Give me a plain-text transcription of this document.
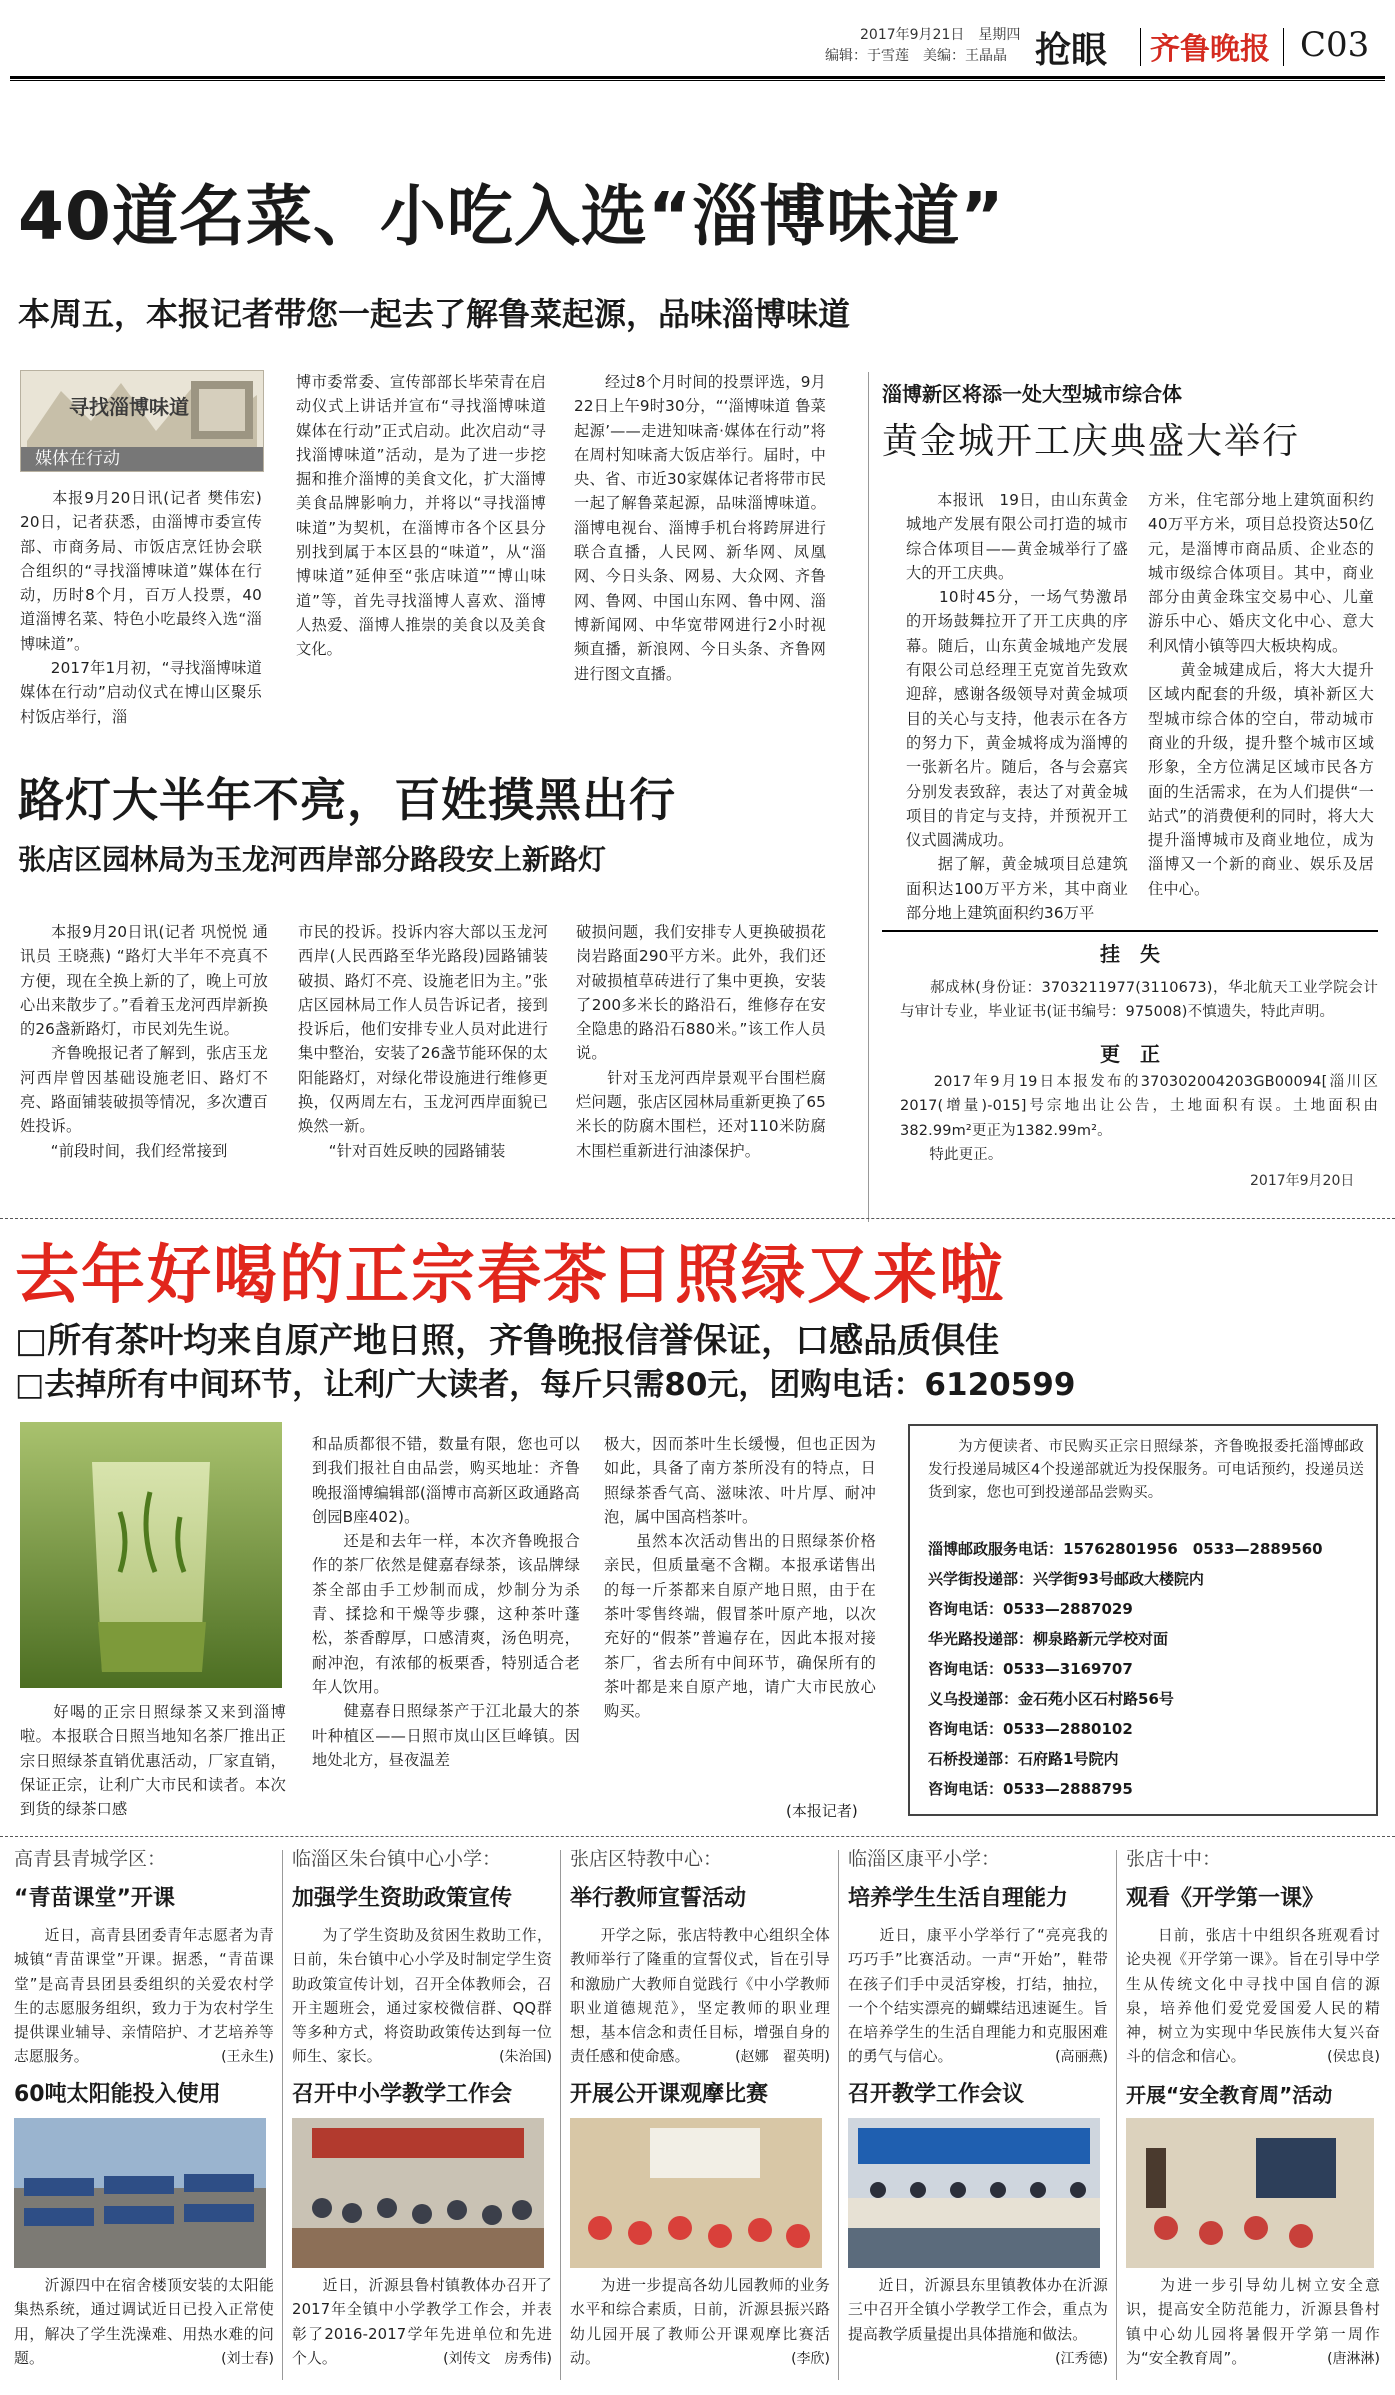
2017年9月21日　星期四
编辑：于雪莲　美编：王晶晶 抢眼 齐鲁晚报 C03
40道名菜、小吃入选“淄博味道”
本周五，本报记者带您一起去了解鲁菜起源，品味淄博味道
寻找淄博味道
媒体在行动
　　本报9月20日讯(记者 樊伟宏) 20日，记者获悉，由淄博市委宣传部、市商务局、市饭店烹饪协会联合组织的“寻找淄博味道”媒体在行动，历时8个月，百万人投票，40道淄博名菜、特色小吃最终入选“淄博味道”。
　　2017年1月初，“寻找淄博味道 媒体在行动”启动仪式在博山区聚乐村饭店举行，淄
博市委常委、宣传部部长毕荣青在启动仪式上讲话并宣布“寻找淄博味道 媒体在行动”正式启动。此次启动“寻找淄博味道”活动，是为了进一步挖掘和推介淄博的美食文化，扩大淄博美食品牌影响力，并将以“寻找淄博味道”为契机，在淄博市各个区县分别找到属于本区县的“味道”，从“淄博味道”延伸至“张店味道”“博山味道”等，首先寻找淄博人喜欢、淄博人热爱、淄博人推崇的美食以及美食文化。
　　经过8个月时间的投票评选，9月22日上午9时30分，“‘淄博味道 鲁菜起源’——走进知味斋·媒体在行动”将在周村知味斋大饭店举行。届时，中央、省、市近30家媒体记者将带市民一起了解鲁菜起源，品味淄博味道。淄博电视台、淄博手机台将跨屏进行联合直播，人民网、新华网、凤凰网、今日头条、网易、大众网、齐鲁网、鲁网、中国山东网、鲁中网、淄博新闻网、中华宽带网进行2小时视频直播，新浪网、今日头条、齐鲁网进行图文直播。
淄博新区将添一处大型城市综合体
黄金城开工庆典盛大举行
　　本报讯　19日，由山东黄金城地产发展有限公司打造的城市综合体项目——黄金城举行了盛大的开工庆典。
　　10时45分，一场气势激昂的开场鼓舞拉开了开工庆典的序幕。随后，山东黄金城地产发展有限公司总经理王克宽首先致欢迎辞，感谢各级领导对黄金城项目的关心与支持，他表示在各方的努力下，黄金城将成为淄博的一张新名片。随后，各与会嘉宾分别发表致辞，表达了对黄金城项目的肯定与支持，并预祝开工仪式圆满成功。
　　据了解，黄金城项目总建筑面积达100万平方米，其中商业部分地上建筑面积约36万平
方米，住宅部分地上建筑面积约40万平方米，项目总投资达50亿元，是淄博市商品质、企业态的城市级综合体项目。其中，商业部分由黄金珠宝交易中心、儿童游乐中心、婚庆文化中心、意大利风情小镇等四大板块构成。
　　黄金城建成后，将大大提升区域内配套的升级，填补新区大型城市综合体的空白，带动城市商业的升级，提升整个城市区域形象，全方位满足区域市民各方面的生活需求，在为人们提供“一站式”的消费便利的同时，将大大提升淄博城市及商业地位，成为淄博又一个新的商业、娱乐及居住中心。
路灯大半年不亮，百姓摸黑出行
张店区园林局为玉龙河西岸部分路段安上新路灯
　　本报9月20日讯(记者 巩悦悦 通讯员 王晓燕) “路灯大半年不亮真不方便，现在全换上新的了，晚上可放心出来散步了。”看着玉龙河西岸新换的26盏新路灯，市民刘先生说。
　　齐鲁晚报记者了解到，张店玉龙河西岸曾因基础设施老旧、路灯不亮、路面铺装破损等情况，多次遭百姓投诉。
　　“前段时间，我们经常接到
市民的投诉。投诉内容大部以玉龙河西岸(人民西路至华光路段)园路铺装破损、路灯不亮、设施老旧为主。”张店区园林局工作人员告诉记者，接到投诉后，他们安排专业人员对此进行集中整治，安装了26盏节能环保的太阳能路灯，对绿化带设施进行维修更换，仅两周左右，玉龙河西岸面貌已焕然一新。
　　“针对百姓反映的园路铺装
破损问题，我们安排专人更换破损花岗岩路面290平方米。此外，我们还对破损植草砖进行了集中更换，安装了200多米长的路沿石，维修存在安全隐患的路沿石880米。”该工作人员说。
　　针对玉龙河西岸景观平台围栏腐烂问题，张店区园林局重新更换了65米长的防腐木围栏，还对110米防腐木围栏重新进行油漆保护。
挂　失
　　郝成林(身份证：370321197​7(3110673)，华北航天工业学院会计与审计专业，毕业证书(证书编号：975008)不慎遗失，特此声明。
更　正
　　2017年9月19日本报发布的370302004203GB00094[淄川区2017(增量)-015]号宗地出让公告，土地面积有误。土地面积由382.99m²更正为1382.99m²。
　　特此更正。
2017年9月20日
去年好喝的正宗春茶日照绿又来啦
□所有茶叶均来自原产地日照，齐鲁晚报信誉保证，口感品质俱佳
□去掉所有中间环节，让利广大读者，每斤只需80元，团购电话：6120599
　　好喝的正宗日照绿茶又来到淄博啦。本报联合日照当地知名茶厂推出正宗日照绿茶直销优惠活动，厂家直销，保证正宗，让利广大市民和读者。本次到货的绿茶口感
和品质都很不错，数量有限，您也可以到我们报社自由品尝，购买地址：齐鲁晚报淄博编辑部(淄博市高新区政通路高创园B座402)。
　　还是和去年一样，本次齐鲁晚报合作的茶厂依然是健嘉春绿茶，该品牌绿茶全部由手工炒制而成，炒制分为杀青、揉捻和干燥等步骤，这种茶叶蓬松，茶香醇厚，口感清爽，汤色明亮，耐冲泡，有浓郁的板栗香，特别适合老年人饮用。
　　健嘉春日照绿茶产于江北最大的茶叶种植区——日照市岚山区巨峰镇。因地处北方，昼夜温差
极大，因而茶叶生长缓慢，但也正因为如此，具备了南方茶所没有的特点，日照绿茶香气高、滋味浓、叶片厚、耐冲泡，属中国高档茶叶。
　　虽然本次活动售出的日照绿茶价格亲民，但质量毫不含糊。本报承诺售出的每一斤茶都来自原产地日照，由于在茶叶零售终端，假冒茶叶原产地，以次充好的“假茶”普遍存在，因此本报对接茶厂，省去所有中间环节，确保所有的茶叶都是来自原产地，请广大市民放心购买。
(本报记者)
　　为方便读者、市民购买正宗日照绿茶，齐鲁晚报委托淄博邮政发行投递局城区4个投递部就近为投保服务。可电话预约，投递员送货到家，您也可到投递部品尝购买。
淄博邮政服务电话：15762801956　0533—2889560
兴学街投递部：兴学街93号邮政大楼院内
咨询电话：0533—2887029
华光路投递部：柳泉路新元学校对面
咨询电话：0533—3169707
义乌投递部：金石苑小区石村路56号
咨询电话：0533—2880102
石桥投递部：石府路1号院内
咨询电话：0533—2888795
高青县青城学区：
“青苗课堂”开课
　　近日，高青县团委青年志愿者为青城镇“青苗课堂”开课。据悉，“青苗课堂”是高青县团县委组织的关爱农村学生的志愿服务组织，致力于为农村学生提供课业辅导、亲情陪护、才艺培养等志愿服务。	(王永生)
60吨太阳能投入使用
　　沂源四中在宿舍楼顶安装的太阳能集热系统，通过调试近日已投入正常使用，解决了学生洗澡难、用热水难的问题。	(刘士春)
临淄区朱台镇中心小学：
加强学生资助政策宣传
　　为了学生资助及贫困生救助工作，日前，朱台镇中心小学及时制定学生资助政策宣传计划，召开全体教师会，召开主题班会，通过家校微信群、QQ群等多种方式，将资助政策传达到每一位师生、家长。	(朱治国)
召开中小学教学工作会
　　近日，沂源县鲁村镇教体办召开了2017年全镇中小学教学工作会，并表彰了2016-2017学年先进单位和先进个人。	(刘传文　房秀伟)
张店区特教中心：
举行教师宣誓活动
　　开学之际，张店特教中心组织全体教师举行了隆重的宣誓仪式，旨在引导和激励广大教师自觉践行《中小学教师职业道德规范》，坚定教师的职业理想，基本信念和责任目标，增强自身的责任感和使命感。	(赵娜　翟英明)
开展公开课观摩比赛
　　为进一步提高各幼儿园教师的业务水平和综合素质，日前，沂源县振兴路幼儿园开展了教师公开课观摩比赛活动。	(李欣)
临淄区康平小学：
培养学生生活自理能力
　　近日，康平小学举行了“亮亮我的巧巧手”比赛活动。一声“开始”，鞋带在孩子们手中灵活穿梭，打结，抽拉，一个个结实漂亮的蝴蝶结迅速诞生。旨在培养学生的生活自理能力和克服困难的勇气与信心。	(高丽燕)
召开教学工作会议
　　近日，沂源县东里镇教体办在沂源三中召开全镇小学教学工作会，重点为提高教学质量提出具体措施和做法。
(江秀德)
张店十中：
观看《开学第一课》
　　日前，张店十中组织各班观看讨论央视《开学第一课》。旨在引导中学生从传统文化中寻找中国自信的源泉，培养他们爱党爱国爱人民的精神，树立为实现中华民族伟大复兴奋斗的信念和信心。	(侯忠良)
开展“安全教育周”活动
　　为进一步引导幼儿树立安全意识，提高安全防范能力，沂源县鲁村镇中心幼儿园将暑假开学第一周作为“安全教育周”。	(唐淋淋)
